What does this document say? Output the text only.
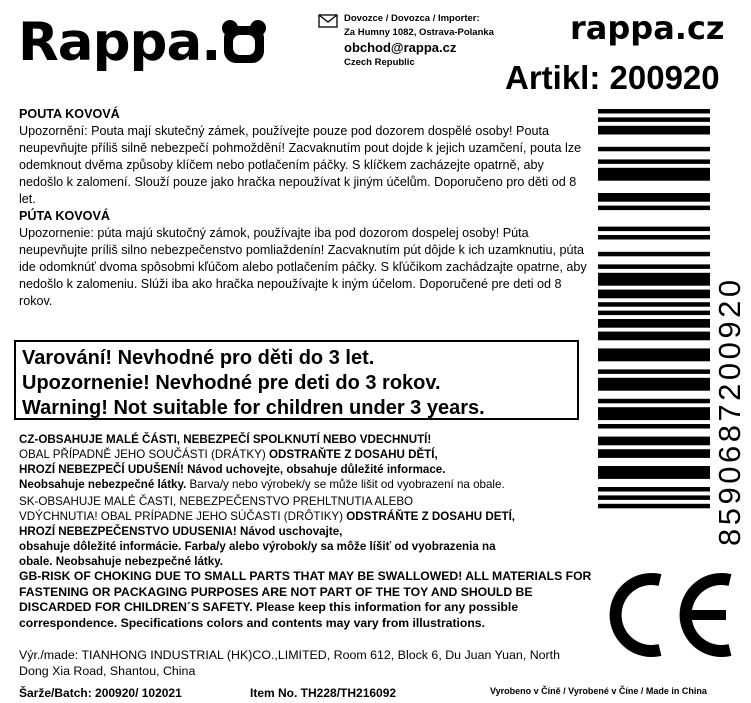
Rappa.	Dovozce / Dovozca / Importer:
Za Humny 1082, Ostrava-Polanka
obchod@rappa.cz
Czech Republic
rappa.cz
Artikl: 200920
POUTA KOVOVÁ
Upozornění: Pouta mají skutečný zámek, používejte pouze pod dozorem dospělé osoby! Pouta neupevňujte příliš silně nebezpečí pohmoždění! Zacvaknutím pout dojde k jejich uzamčení, pouta lze odemknout dvěma způsoby klíčem nebo potlačením páčky. S klíčkem zacházejte opatrně, aby nedošlo k zalomení. Slouží pouze jako hračka nepoužívat k jiným účelům. Doporučeno pro děti od 8 let.
PÚTA KOVOVÁ
Upozornenie: púta majú skutočný zámok, používajte iba pod dozorom dospelej osoby! Púta neupevňujte príliš silno nebezpečenstvo pomliaždenín! Zacvaknutím pút dôjde k ich uzamknutiu, púta ide odomknúť dvoma spôsobmi kľúčom alebo potlačením páčky. S kľúčikom zachádzajte opatrne, aby nedošlo k zalomeniu. Slúži iba ako hračka nepoužívajte k iným účelom. Doporučené pre deti od 8 rokov.
Varování! Nevhodné pro děti do 3 let.
Upozornenie! Nevhodné pre deti do 3 rokov.
Warning! Not suitable for children under 3 years.
CZ-OBSAHUJE MALÉ ČÁSTI, NEBEZPEČÍ SPOLKNUTÍ NEBO VDECHNUTÍ!
OBAL PŘÍPADNĚ JEHO SOUČÁSTI (DRÁTKY) ODSTRAŇTE Z DOSAHU DĚTÍ,
HROZÍ NEBEZPEČÍ UDUŠENÍ! Návod uchovejte, obsahuje důležité informace.
Neobsahuje nebezpečné látky. Barva/y nebo výrobek/y se může lišit od vyobrazení na obale.
SK-OBSAHUJE MALÉ ČASTI, NEBEZPEČENSTVO PREHLTNUTIA ALEBO
VDÝCHNUTIA! OBAL PRÍPADNE JEHO SÚČASTI (DRÔTIKY) ODSTRÁŇTE Z DOSAHU DETÍ,
HROZÍ NEBEZPEČENSTVO UDUSENIA! Návod uschovajte,
obsahuje dôležité informácie. Farba/y alebo výrobok/y sa môže líšiť od vyobrazenia na
obale. Neobsahuje nebezpečné látky.
GB-RISK OF CHOKING DUE TO SMALL PARTS THAT MAY BE SWALLOWED! ALL MATERIALS FOR FASTENING OR PACKAGING PURPOSES ARE NOT PART OF THE TOY AND SHOULD BE DISCARDED FOR CHILDREN´S SAFETY. Please keep this information for any possible correspondence. Specifications colors and contents may vary from illustrations.
Výr./made: TIANHONG INDUSTRIAL (HK)CO.,LIMITED, Room 612, Block 6, Du Juan Yuan, North Dong Xia Road, Shantou, China
Šarže/Batch: 200920/ 102021	Item No. TH228/TH216092	Vyrobeno v Číně / Vyrobené v Číne / Made in China
8590687200920
